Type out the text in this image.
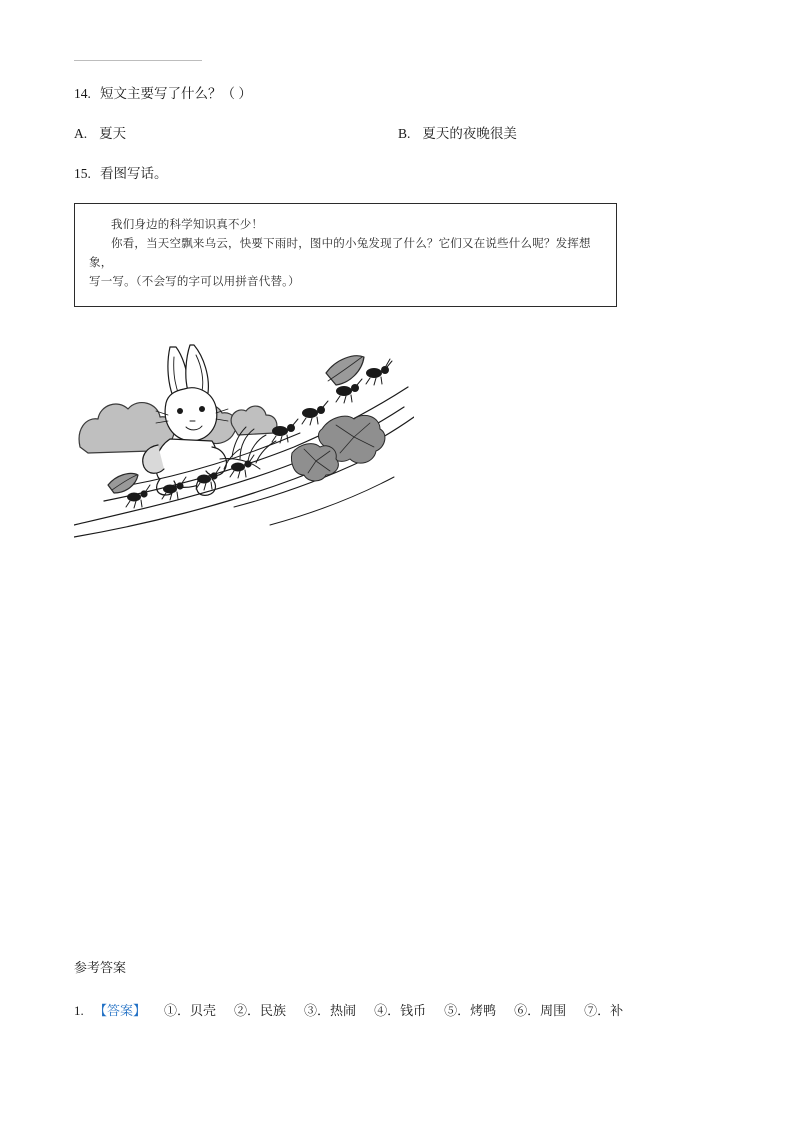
14. 短文主要写了什么？（ ）
A. 夏天	B. 夏天的夜晚很美
15. 看图写话。
我们身边的科学知识真不少！
你看，当天空飘来乌云，快要下雨时，图中的小兔发现了什么？它们又在说些什么呢？发挥想象，
写一写。（不会写的字可以用拼音代替。）
参考答案
1. 【答案】 ①．贝壳 ②．民族 ③．热闹 ④．钱币 ⑤．烤鸭 ⑥．周围 ⑦．补
